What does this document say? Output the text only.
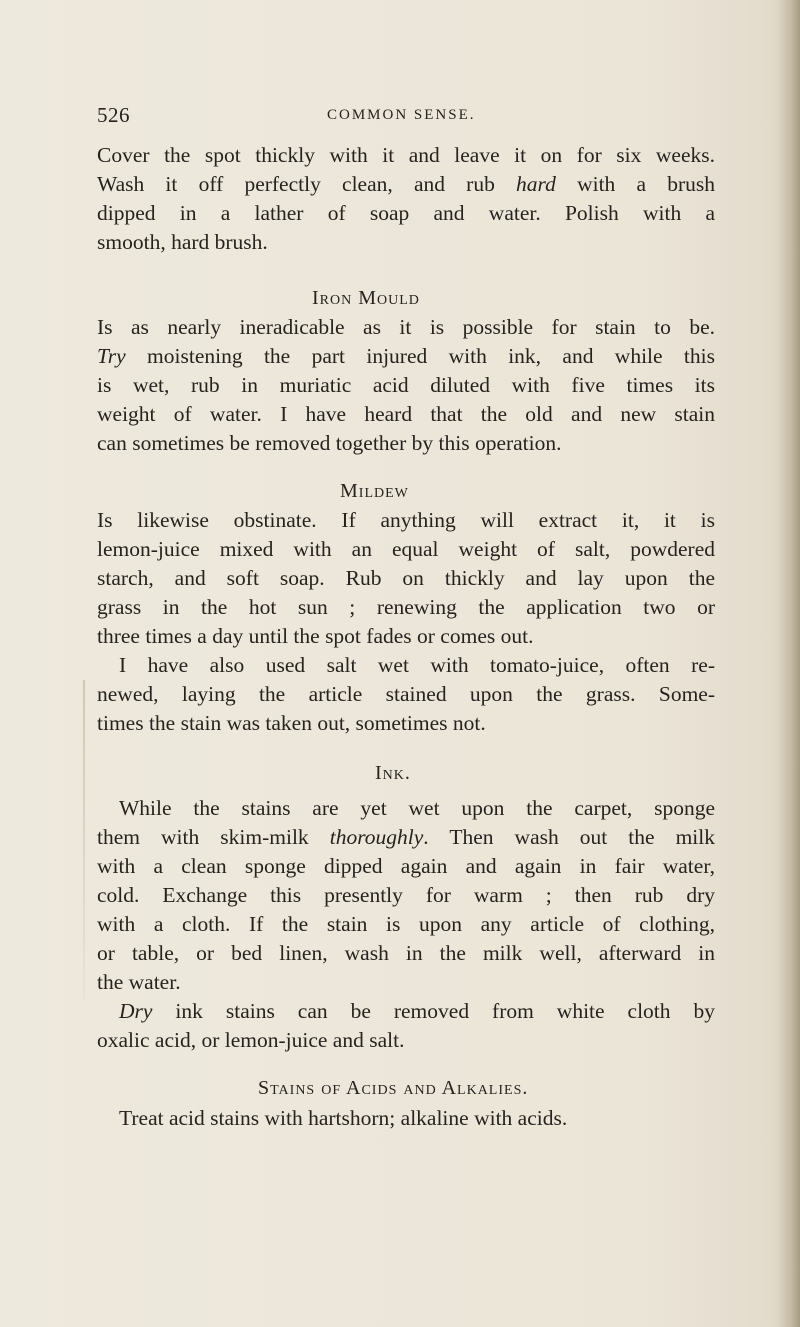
526	COMMON SENSE.
Cover the spot thickly with it and leave it on for six weeks.
Wash it off perfectly clean, and rub hard with a brush
dipped in a lather of soap and water. Polish with a
smooth, hard brush.
Iron Mould
Is as nearly ineradicable as it is possible for stain to be.
Try moistening the part injured with ink, and while this
is wet, rub in muriatic acid diluted with five times its
weight of water. I have heard that the old and new stain
can sometimes be removed together by this operation.
Mildew
Is likewise obstinate. If anything will extract it, it is
lemon-juice mixed with an equal weight of salt, powdered
starch, and soft soap. Rub on thickly and lay upon the
grass in the hot sun ; renewing the application two or
three times a day until the spot fades or comes out.
I have also used salt wet with tomato-juice, often re-
newed, laying the article stained upon the grass. Some-
times the stain was taken out, sometimes not.
Ink.
While the stains are yet wet upon the carpet, sponge
them with skim-milk thoroughly. Then wash out the milk
with a clean sponge dipped again and again in fair water,
cold. Exchange this presently for warm ; then rub dry
with a cloth. If the stain is upon any article of clothing,
or table, or bed linen, wash in the milk well, afterward in
the water.
Dry ink stains can be removed from white cloth by
oxalic acid, or lemon-juice and salt.
Stains of Acids and Alkalies.
Treat acid stains with hartshorn; alkaline with acids.
